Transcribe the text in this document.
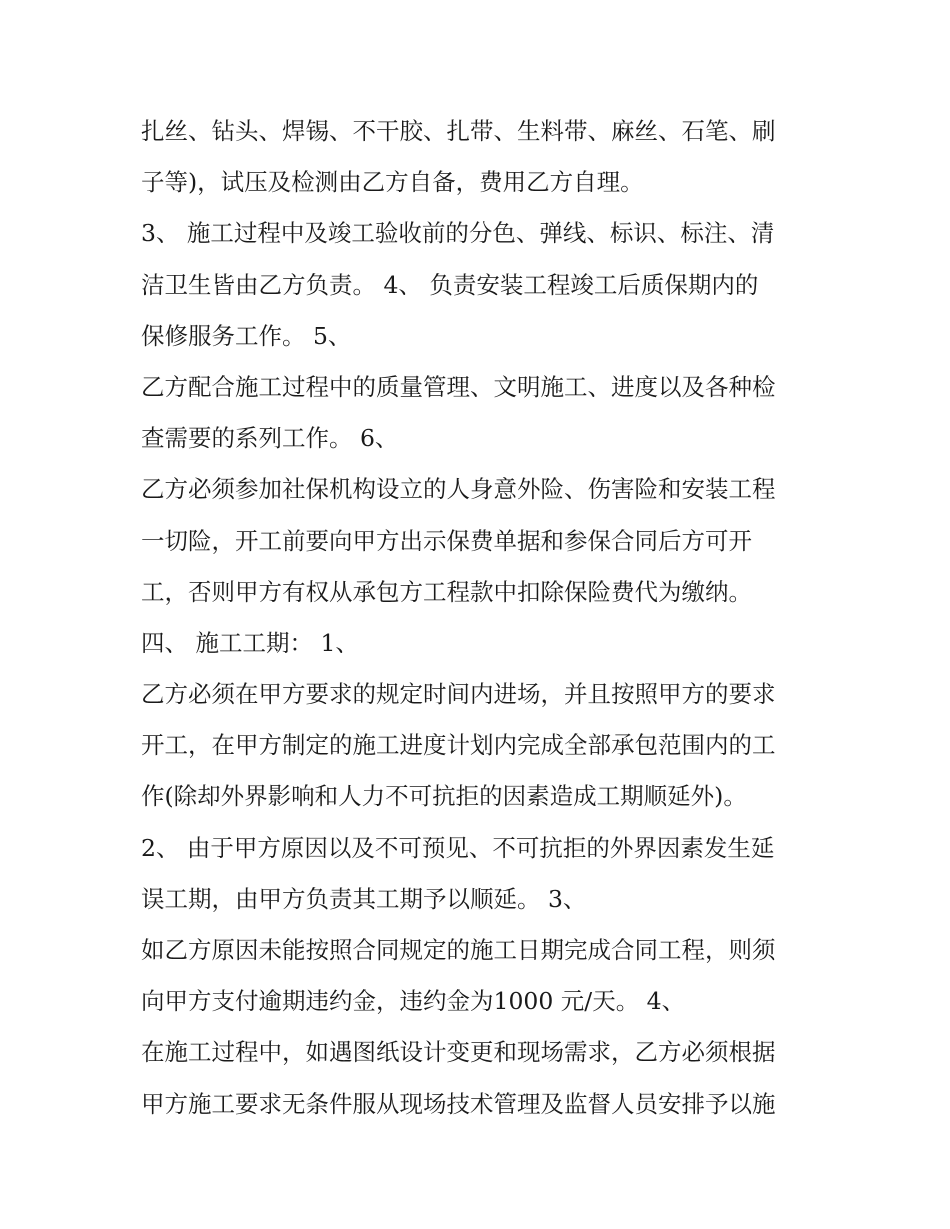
扎丝、钻头、焊锡、不干胶、扎带、生料带、麻丝、石笔、刷
子等)，试压及检测由乙方自备，费用乙方自理。
3、 施工过程中及竣工验收前的分色、弹线、标识、标注、清
洁卫生皆由乙方负责。 4、 负责安装工程竣工后质保期内的
保修服务工作。 5、
乙方配合施工过程中的质量管理、文明施工、进度以及各种检
查需要的系列工作。 6、
乙方必须参加社保机构设立的人身意外险、伤害险和安装工程
一切险，开工前要向甲方出示保费单据和参保合同后方可开
工，否则甲方有权从承包方工程款中扣除保险费代为缴纳。
四、 施工工期： 1、
乙方必须在甲方要求的规定时间内进场，并且按照甲方的要求
开工，在甲方制定的施工进度计划内完成全部承包范围内的工
作(除却外界影响和人力不可抗拒的因素造成工期顺延外)。
2、 由于甲方原因以及不可预见、不可抗拒的外界因素发生延
误工期，由甲方负责其工期予以顺延。 3、
如乙方原因未能按照合同规定的施工日期完成合同工程，则须
向甲方支付逾期违约金，违约金为1000 元/天。 4、
在施工过程中，如遇图纸设计变更和现场需求，乙方必须根据
甲方施工要求无条件服从现场技术管理及监督人员安排予以施
